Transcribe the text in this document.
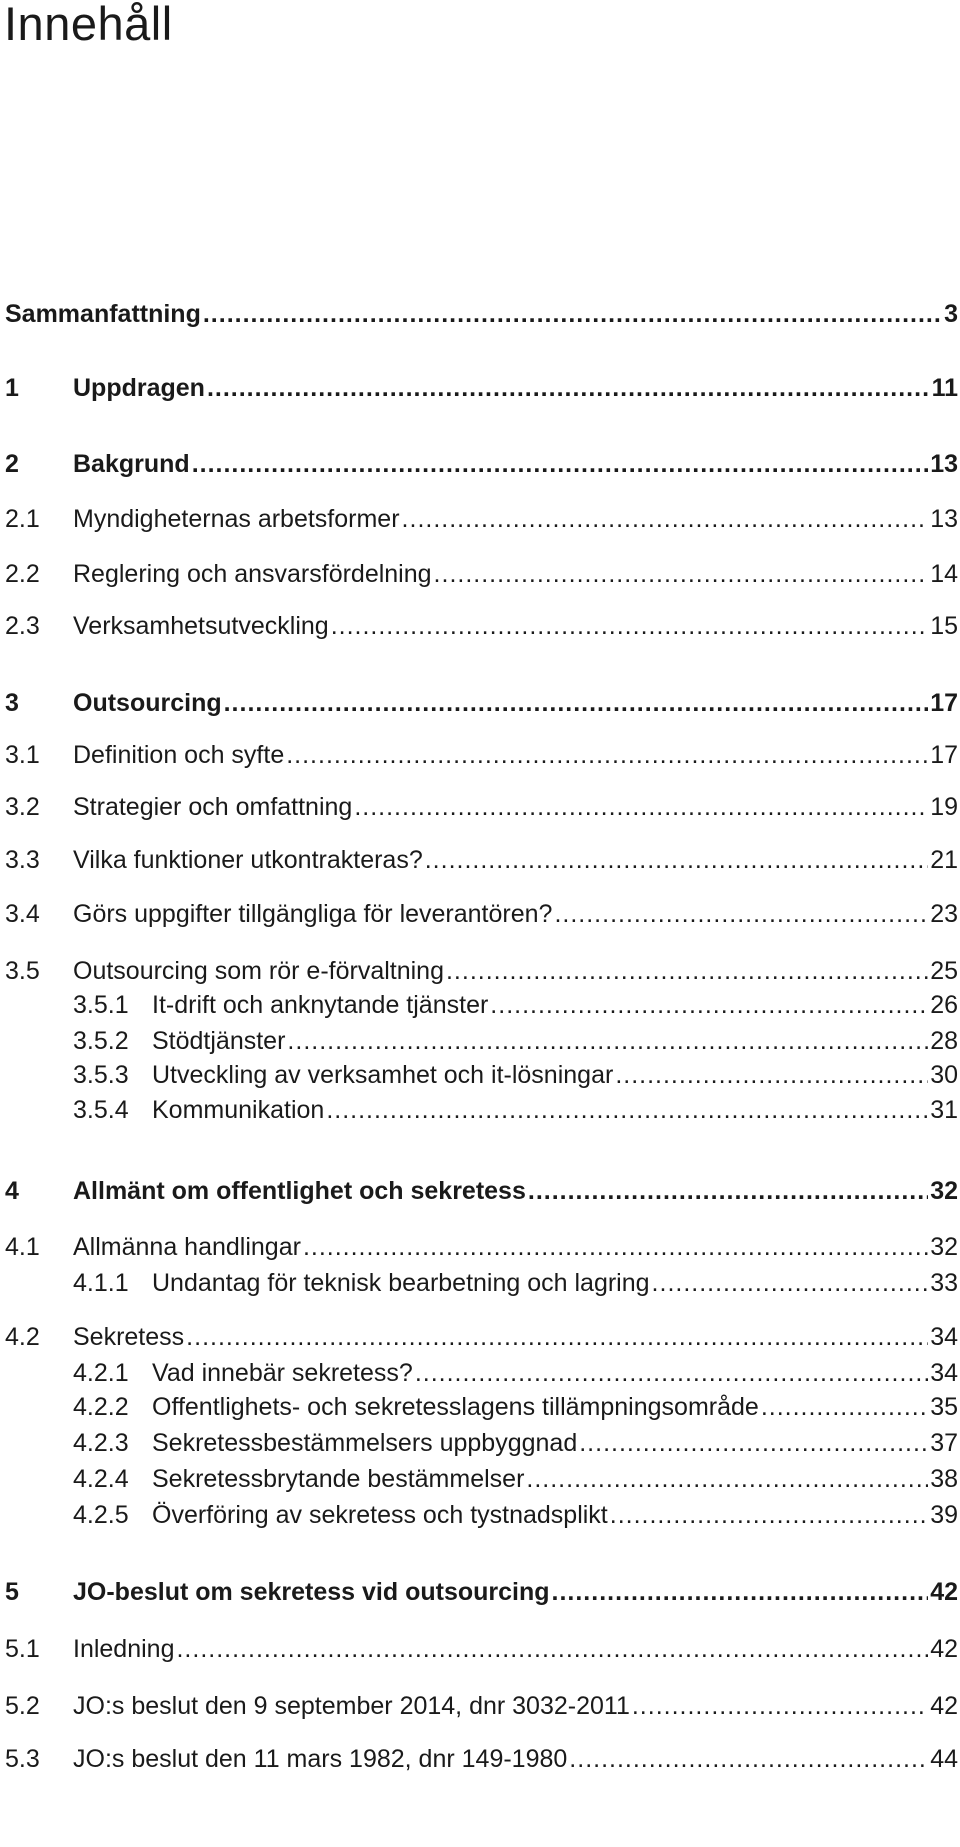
Innehåll
Sammanfattning .....	3
1	Uppdragen .....	11
2	Bakgrund .....	13
2.1	Myndigheternas arbetsformer .....	13
2.2	Reglering och ansvarsfördelning .....	14
2.3	Verksamhetsutveckling .....	15
3	Outsourcing .....	17
3.1	Definition och syfte .....	17
3.2	Strategier och omfattning .....	19
3.3	Vilka funktioner utkontrakteras? .....	21
3.4	Görs uppgifter tillgängliga för leverantören? .....	23
3.5	Outsourcing som rör e-förvaltning .....	25
3.5.1 It-drift och anknytande tjänster .....	26
3.5.2 Stödtjänster .....	28
3.5.3 Utveckling av verksamhet och it-lösningar .....	30
3.5.4 Kommunikation .....	31
4	Allmänt om offentlighet och sekretess .....	32
4.1	Allmänna handlingar .....	32
4.1.1 Undantag för teknisk bearbetning och lagring .....	33
4.2	Sekretess .....	34
4.2.1 Vad innebär sekretess? .....	34
4.2.2 Offentlighets- och sekretesslagens tillämpningsområde .....	35
4.2.3 Sekretessbestämmelsers uppbyggnad .....	37
4.2.4 Sekretessbrytande bestämmelser .....	38
4.2.5 Överföring av sekretess och tystnadsplikt .....	39
5	JO-beslut om sekretess vid outsourcing .....	42
5.1	Inledning .....	42
5.2	JO:s beslut den 9 september 2014, dnr 3032-2011 .....	42
5.3	JO:s beslut den 11 mars 1982, dnr 149-1980 .....	44
